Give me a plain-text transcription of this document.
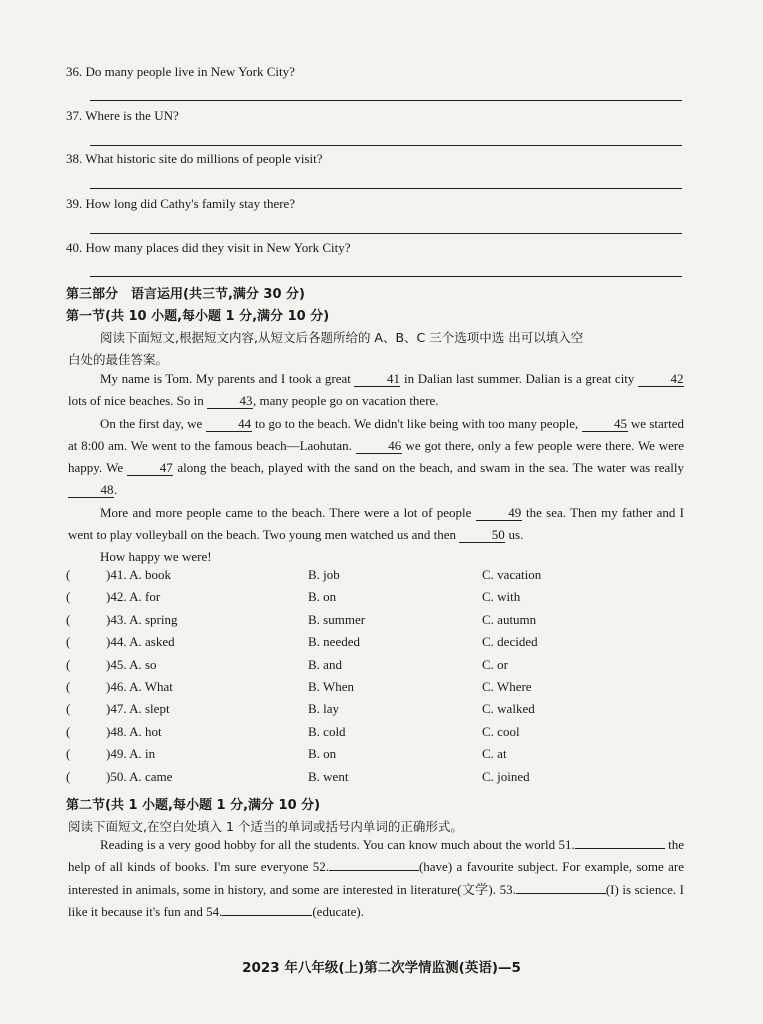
36. Do many people live in New York City?
37. Where is the UN?
38. What historic site do millions of people visit?
39. How long did Cathy's family stay there?
40. How many places did they visit in New York City?
第三部分　语言运用(共三节,满分 30 分)
第一节(共 10 小题,每小题 1 分,满分 10 分)
阅读下面短文,根据短文内容,从短文后各题所给的 A、B、C 三个选项中选 出可以填入空
白处的最佳答案。

My name is Tom. My parents and I took a great	41 in Dalian last summer. Dalian is a great city	42 lots of nice beaches. So in	43, many people go on vacation there.

On the first day, we	44 to go to the beach. We didn't like being with too many people,	45 we started at 8:00 am. We went to the famous beach—Laohutan.	46 we got there, only a few people were there. We were happy. We	47 along the beach, played with the sand on the beach, and swam in the sea. The water was really 48.

More and more people came to the beach. There were a lot of people	49 the sea. Then my father and I went to play volleyball on the beach. Two young men watched us and then	50 us.

How happy we were!

(	)41. A. book	B. job	C. vacation
(	)42. A. for	B. on	C. with
(	)43. A. spring	B. summer	C. autumn
(	)44. A. asked	B. needed	C. decided
(	)45. A. so	B. and	C. or
(	)46. A. What	B. When	C. Where
(	)47. A. slept	B. lay	C. walked
(	)48. A. hot	B. cold	C. cool
(	)49. A. in	B. on	C. at
(	)50. A. came	B. went	C. joined
第二节(共 1 小题,每小题 1 分,满分 10 分)
阅读下面短文,在空白处填入 1 个适当的单词或括号内单词的正确形式。

Reading is a very good hobby for all the students. You can know much about the world 51.	the help of all kinds of books. I'm sure everyone 52.	(have) a favourite subject. For example, some are interested in animals, some in history, and some are interested in literature(文学). 53.	(I) is science. I like it because it's fun and 54.	(educate).

2023 年八年级(上)第二次学情监测(英语)—5
